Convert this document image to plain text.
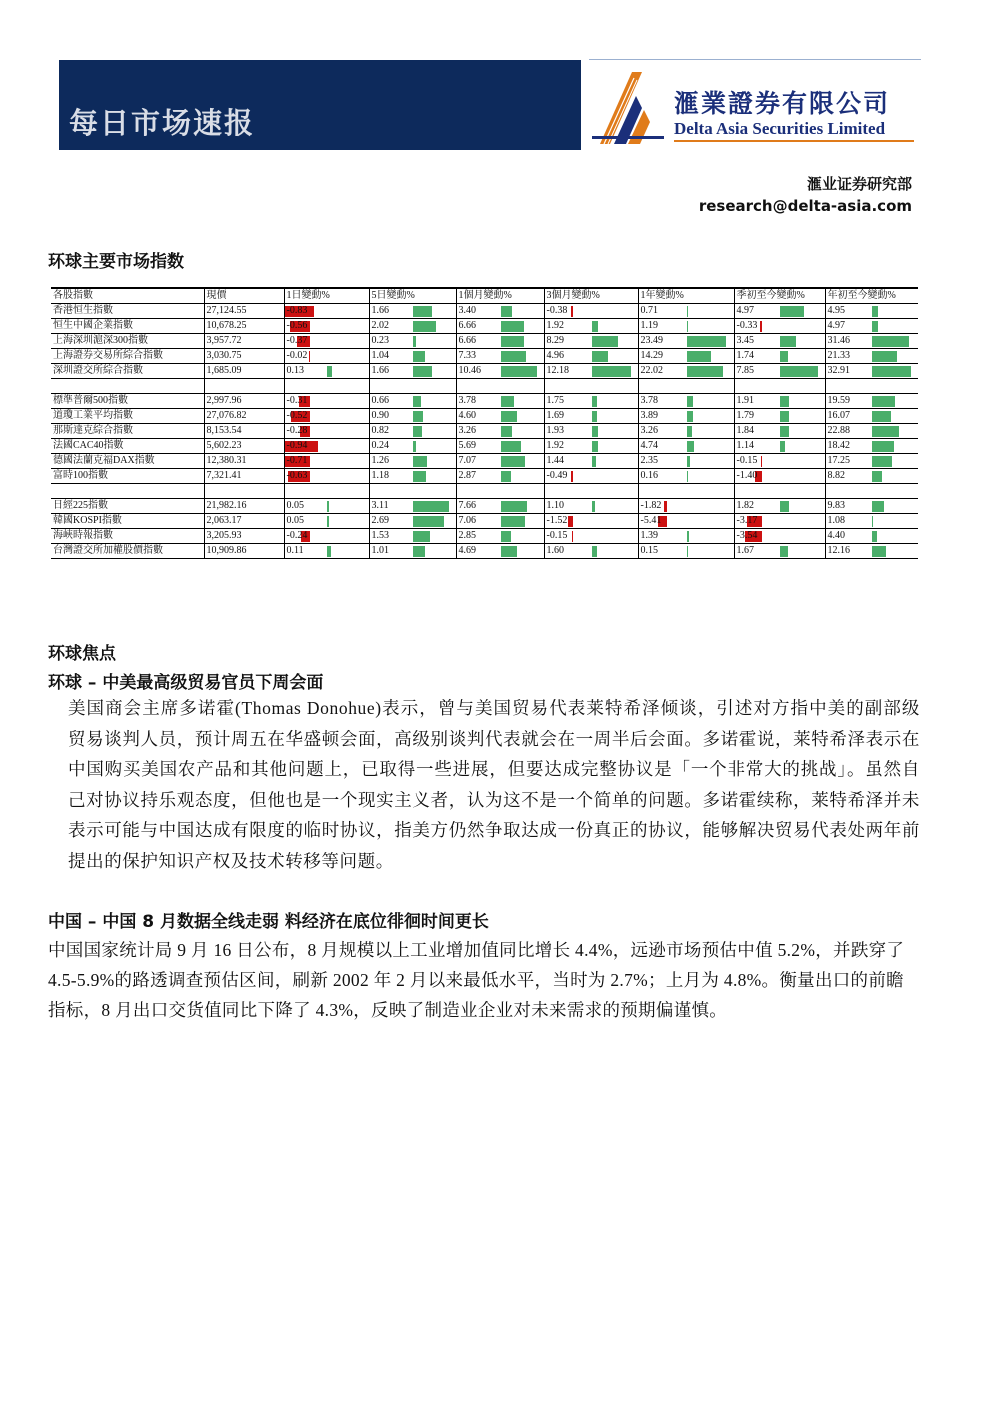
每日市场速报
滙業證券有限公司
Delta Asia Securities Limited
滙业证券研究部
research@delta-asia.com
环球主要市场指数
各股指數	現價	1日變動%	5日變動%	1個月變動%	3個月變動%	1年變動%	季初至今變動%	年初至今變動%
香港恒生指數	27,124.55	-0.83	1.66	3.40	-0.38	0.71	4.97	4.95
恒生中國企業指數	10,678.25	-0.56	2.02	6.66	1.92	1.19	-0.33	4.97
上海深圳滬深300指數	3,957.72	-0.37	0.23	6.66	8.29	23.49	3.45	31.46
上海證券交易所綜合指數	3,030.75	-0.02	1.04	7.33	4.96	14.29	1.74	21.33
深圳證交所綜合指數	1,685.09	0.13	1.66	10.46	12.18	22.02	7.85	32.91

標準普爾500指數	2,997.96	-0.31	0.66	3.78	1.75	3.78	1.91	19.59
道瓊工業平均指數	27,076.82	-0.52	0.90	4.60	1.69	3.89	1.79	16.07
那斯達克綜合指數	8,153.54	-0.28	0.82	3.26	1.93	3.26	1.84	22.88
法國CAC40指數	5,602.23	-0.94	0.24	5.69	1.92	4.74	1.14	18.42
德國法蘭克福DAX指數	12,380.31	-0.71	1.26	7.07	1.44	2.35	-0.15	17.25
富時100指數	7,321.41	-0.63	1.18	2.87	-0.49	0.16	-1.40	8.82

日經225指數	21,982.16	0.05	3.11	7.66	1.10	-1.82	1.82	9.83
韓國KOSPI指數	2,063.17	0.05	2.69	7.06	-1.52	-5.41	-3.17	1.08
海峽時報指數	3,205.93	-0.24	1.53	2.85	-0.15	1.39	-3.54	4.40
台灣證交所加權股價指數	10,909.86	0.11	1.01	4.69	1.60	0.15	1.67	12.16
环球焦点
环球 – 中美最高级贸易官员下周会面
美国商会主席多诺霍(Thomas Donohue)表示，曾与美国贸易代表莱特希泽倾谈，引述对方指中美的副部级贸易谈判人员，预计周五在华盛顿会面，高级别谈判代表就会在一周半后会面。多诺霍说，莱特希泽表示在中国购买美国农产品和其他问题上，已取得一些进展，但要达成完整协议是「一个非常大的挑战」。虽然自己对协议持乐观态度，但他也是一个现实主义者，认为这不是一个简单的问题。多诺霍续称，莱特希泽并未表示可能与中国达成有限度的临时协议，指美方仍然争取达成一份真正的协议，能够解决贸易代表处两年前提出的保护知识产权及技术转移等问题。
中国 – 中国 8 月数据全线走弱 料经济在底位徘徊时间更长
中国国家统计局 9 月 16 日公布，8 月规模以上工业增加值同比增长 4.4%，远逊市场预估中值 5.2%，并跌穿了 4.5-5.9%的路透调查预估区间，刷新 2002 年 2 月以来最低水平，当时为 2.7%；上月为 4.8%。衡量出口的前瞻指标，8 月出口交货值同比下降了 4.3%，反映了制造业企业对未来需求的预期偏谨慎。
